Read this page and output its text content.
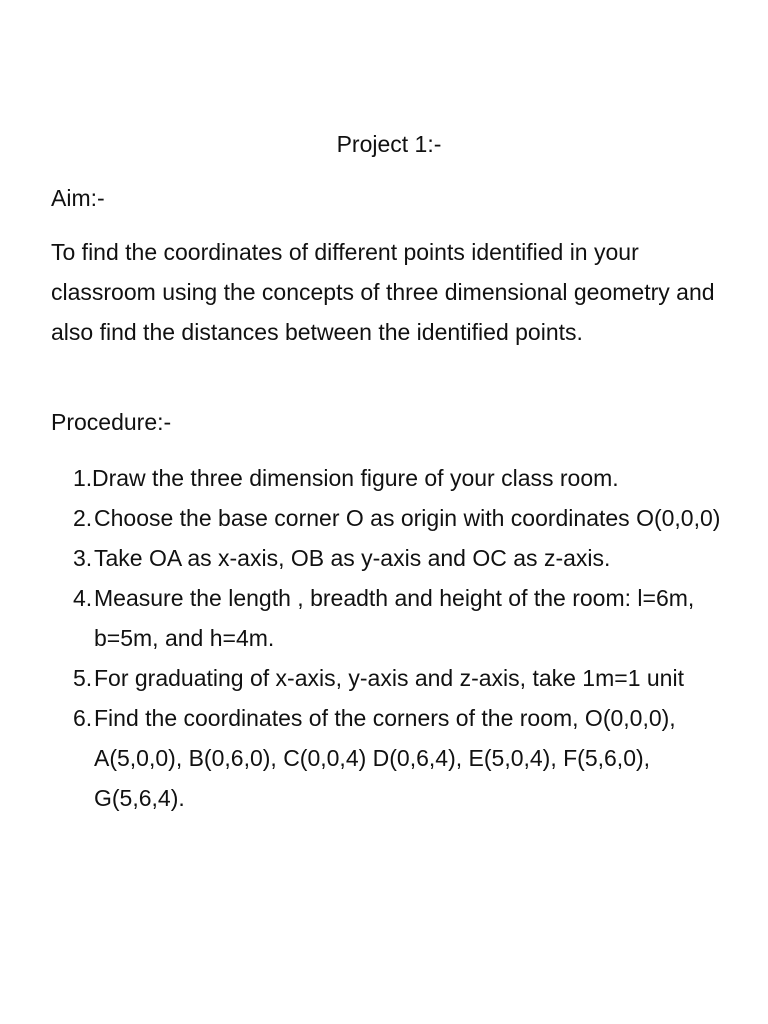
Project 1:-
Aim:-
To find the coordinates of different points identified in your classroom using the concepts of three dimensional geometry and also find the distances between the identified points.
Procedure:-
1. Draw the three dimension figure of your class room.
2. Choose the base corner O as origin with coordinates O(0,0,0)
3. Take OA as x-axis, OB as y-axis and OC as z-axis.
4. Measure the length , breadth and height of the room: l=6m, b=5m, and h=4m.
5. For graduating of x-axis, y-axis and z-axis, take 1m=1 unit
6. Find the coordinates of the corners of the room, O(0,0,0), A(5,0,0), B(0,6,0), C(0,0,4) D(0,6,4), E(5,0,4), F(5,6,0), G(5,6,4).
